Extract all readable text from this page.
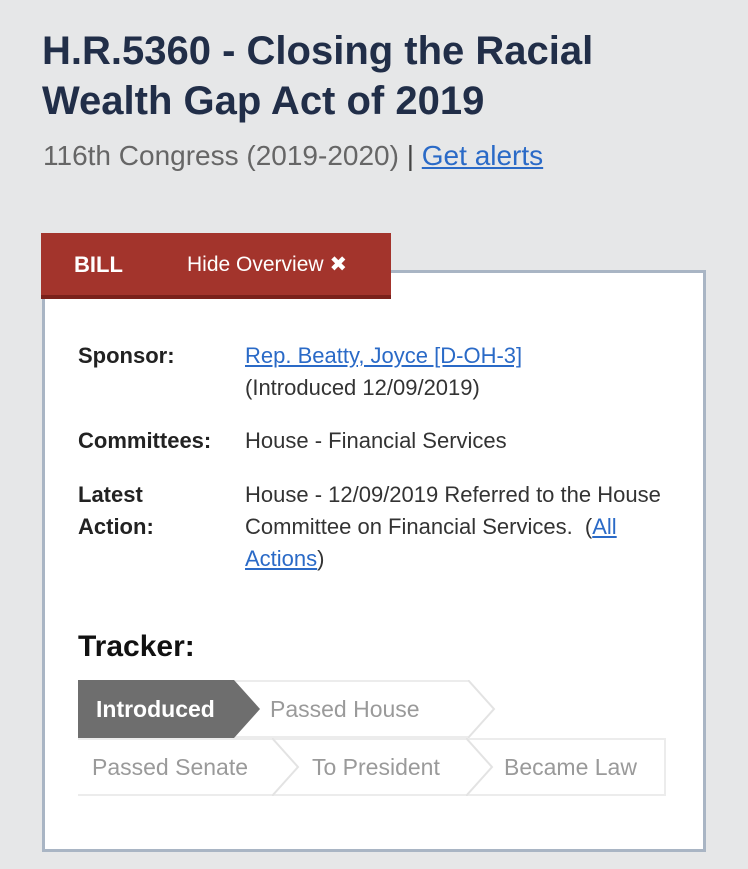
H.R.5360 - Closing the Racial Wealth Gap Act of 2019
116th Congress (2019-2020) | Get alerts
BILL	Hide Overview ✖
Sponsor:	Rep. Beatty, Joyce [D-OH-3]
(Introduced 12/09/2019)
Committees: House - Financial Services
Latest
Action:
House - 12/09/2019 Referred to the House Committee on Financial Services. (All Actions)
Tracker:
Introduced	Passed House
Passed Senate	To President	Became Law
